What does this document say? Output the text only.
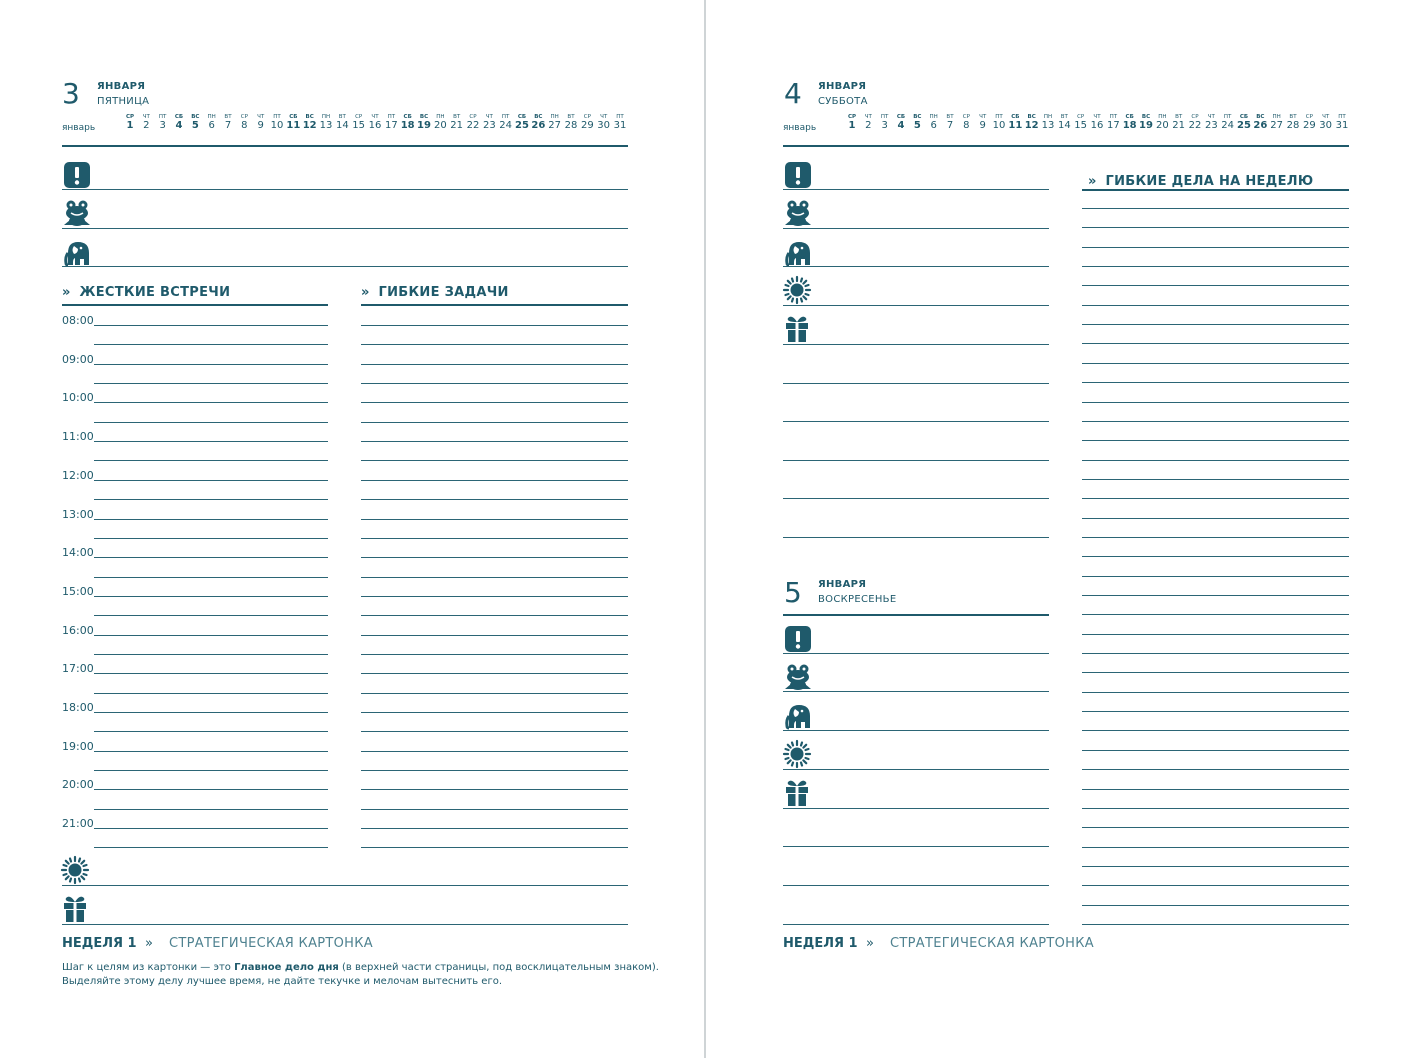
3 ЯНВАРЯ
ПЯТНИЦА
январь
СР
1
ЧТ
2
ПТ
3
СБ
4
ВС
5
ПН
6
ВТ
7
СР
8
ЧТ
9
ПТ
10
СБ
11
ВС
12
ПН
13
ВТ
14
СР
15
ЧТ
16
ПТ
17
СБ
18
ВС
19
ПН
20
ВТ
21
СР
22
ЧТ
23
ПТ
24
СБ
25
ВС
26
ПН
27
ВТ
28
СР
29
ЧТ
30
ПТ
31
» ЖЕСТКИЕ ВСТРЕЧИ	» ГИБКИЕ ЗАДАЧИ
08:00
09:00
10:00
11:00
12:00
13:00
14:00
15:00
16:00
17:00
18:00
19:00
20:00
21:00
НЕДЕЛЯ 1 » СТРАТЕГИЧЕСКАЯ КАРТОНКА
Шаг к целям из картонки — это Главное дело дня (в верхней части страницы, под восклицательным знаком).
Выделяйте этому делу лучшее время, не дайте текучке и мелочам вытеснить его.
4 ЯНВАРЯ
СУББОТА
январь
СР
1
ЧТ
2
ПТ
3
СБ
4
ВС
5
ПН
6
ВТ
7
СР
8
ЧТ
9
ПТ
10
СБ
11
ВС
12
ПН
13
ВТ
14
СР
15
ЧТ
16
ПТ
17
СБ
18
ВС
19
ПН
20
ВТ
21
СР
22
ЧТ
23
ПТ
24
СБ
25
ВС
26
ПН
27
ВТ
28
СР
29
ЧТ
30
ПТ
31
5 ЯНВАРЯ
ВОСКРЕСЕНЬЕ
» ГИБКИЕ ДЕЛА НА НЕДЕЛЮ
НЕДЕЛЯ 1 » СТРАТЕГИЧЕСКАЯ КАРТОНКА
